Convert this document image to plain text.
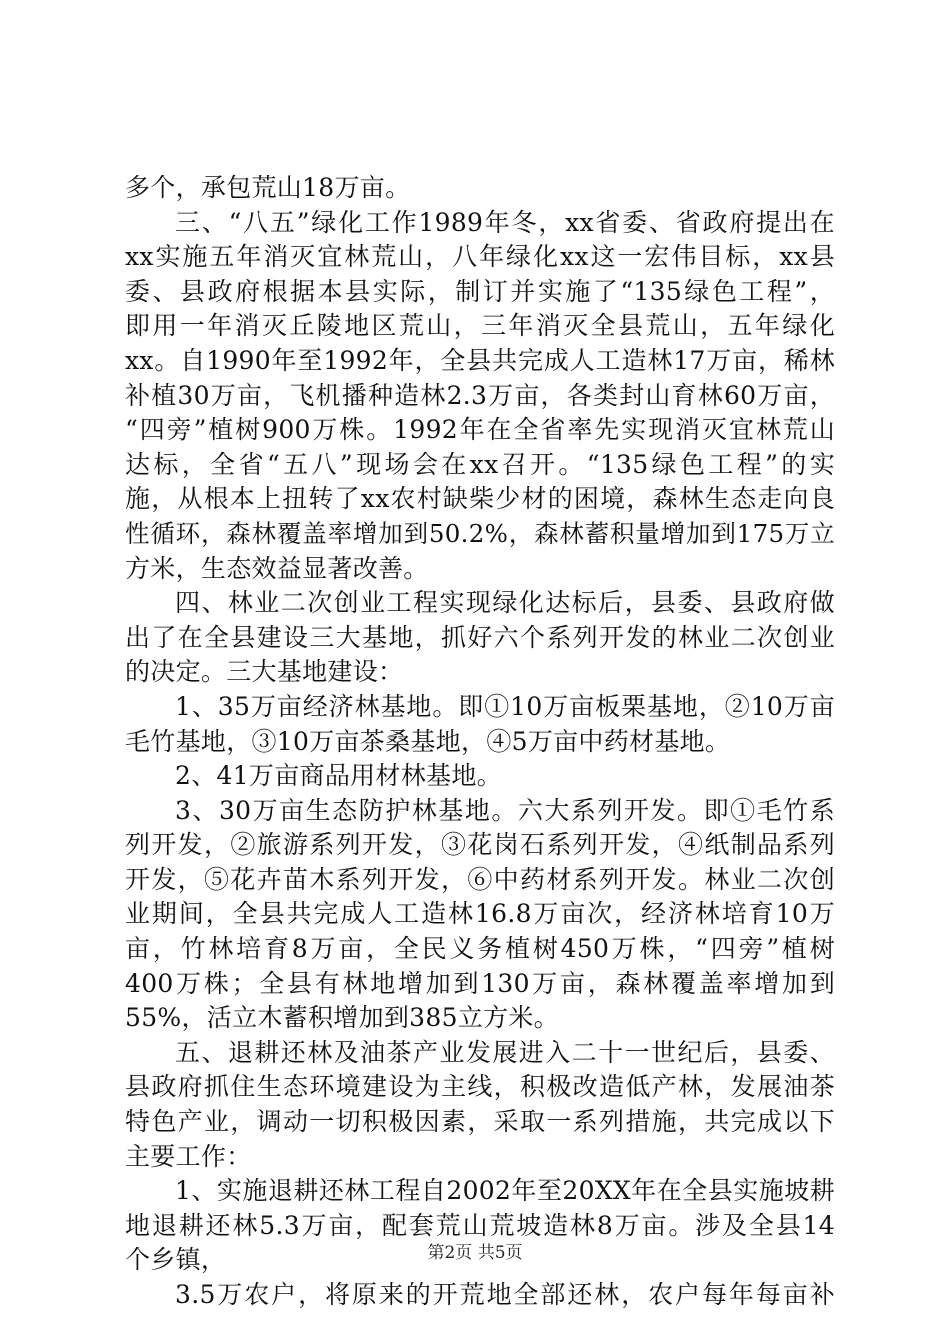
多个，承包荒山18万亩。
三、“八五”绿化工作1989年冬，xx省委、省政府提出在
xx实施五年消灭宜林荒山，八年绿化xx这一宏伟目标，xx县
委、县政府根据本县实际，制订并实施了“135绿色工程”，
即用一年消灭丘陵地区荒山，三年消灭全县荒山，五年绿化
xx。自1990年至1992年，全县共完成人工造林17万亩，稀林
补植30万亩，飞机播种造林2.3万亩，各类封山育林60万亩，
“四旁”植树900万株。1992年在全省率先实现消灭宜林荒山
达标，全省“五八”现场会在xx召开。“135绿色工程”的实
施，从根本上扭转了xx农村缺柴少材的困境，森林生态走向良
性循环，森林覆盖率增加到50.2%，森林蓄积量增加到175万立
方米，生态效益显著改善。
四、林业二次创业工程实现绿化达标后，县委、县政府做
出了在全县建设三大基地，抓好六个系列开发的林业二次创业
的决定。三大基地建设：
1、35万亩经济林基地。即①10万亩板栗基地，②10万亩
毛竹基地，③10万亩茶桑基地，④5万亩中药材基地。
2、41万亩商品用材林基地。
3、30万亩生态防护林基地。六大系列开发。即①毛竹系
列开发，②旅游系列开发，③花岗石系列开发，④纸制品系列
开发，⑤花卉苗木系列开发，⑥中药材系列开发。林业二次创
业期间，全县共完成人工造林16.8万亩次，经济林培育10万
亩，竹林培育8万亩，全民义务植树450万株，“四旁”植树
400万株；全县有林地增加到130万亩，森林覆盖率增加到
55%，活立木蓄积增加到385立方米。
五、退耕还林及油茶产业发展进入二十一世纪后，县委、
县政府抓住生态环境建设为主线，积极改造低产林，发展油茶
特色产业，调动一切积极因素，采取一系列措施，共完成以下
主要工作：
1、实施退耕还林工程自2002年至20XX年在全县实施坡耕
地退耕还林5.3万亩，配套荒山荒坡造林8万亩。涉及全县14
个乡镇，
3.5万农户，将原来的开荒地全部还林，农户每年每亩补
第2页 共5页
